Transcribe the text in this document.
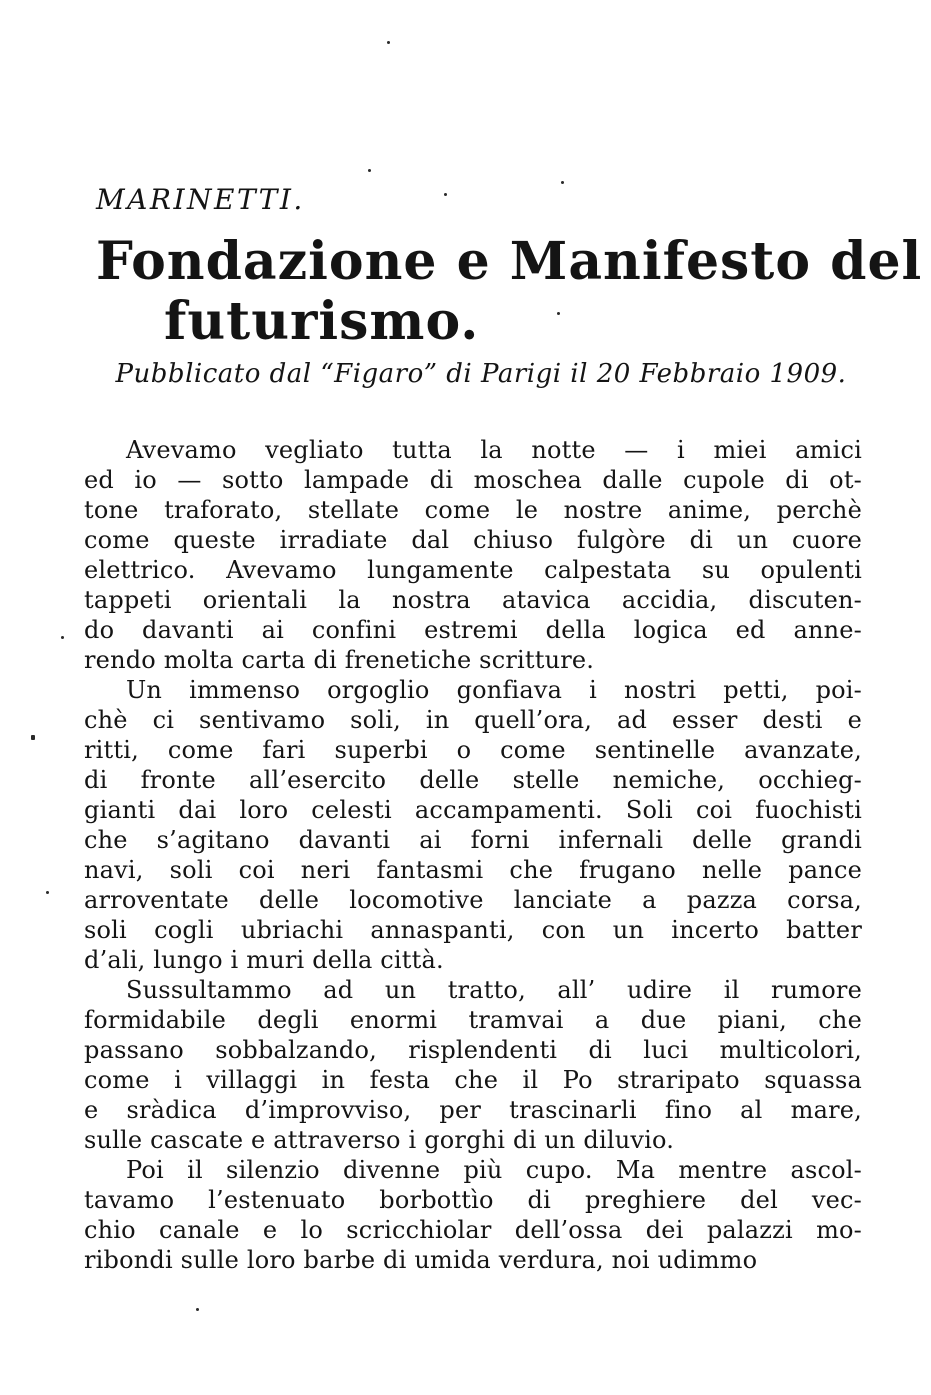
MARINETTI.
Fondazione e Manifesto del
futurismo.
Pubblicato dal “Figaro” di Parigi il 20 Febbraio 1909.
Avevamo vegliato tutta la notte — i miei amici
ed io — sotto lampade di moschea dalle cupole di ot-
tone traforato, stellate come le nostre anime, perchè
come queste irradiate dal chiuso fulgòre di un cuore
elettrico. Avevamo lungamente calpestata su opulenti
tappeti orientali la nostra atavica accidia, discuten-
do davanti ai confini estremi della logica ed anne-
rendo molta carta di frenetiche scritture.
Un immenso orgoglio gonfiava i nostri petti, poi-
chè ci sentivamo soli, in quell’ora, ad esser desti e
ritti, come fari superbi o come sentinelle avanzate,
di fronte all’esercito delle stelle nemiche, occhieg-
gianti dai loro celesti accampamenti. Soli coi fuochisti
che s’agitano davanti ai forni infernali delle grandi
navi, soli coi neri fantasmi che frugano nelle pance
arroventate delle locomotive lanciate a pazza corsa,
soli cogli ubriachi annaspanti, con un incerto batter
d’ali, lungo i muri della città.
Sussultammo ad un tratto, all’ udire il rumore
formidabile degli enormi tramvai a due piani, che
passano sobbalzando, risplendenti di luci multicolori,
come i villaggi in festa che il Po straripato squassa
e sràdica d’improvviso, per trascinarli fino al mare,
sulle cascate e attraverso i gorghi di un diluvio.
Poi il silenzio divenne più cupo. Ma mentre ascol-
tavamo l’estenuato borbottìo di preghiere del vec-
chio canale e lo scricchiolar dell’ossa dei palazzi mo-
ribondi sulle loro barbe di umida verdura, noi udimmo
